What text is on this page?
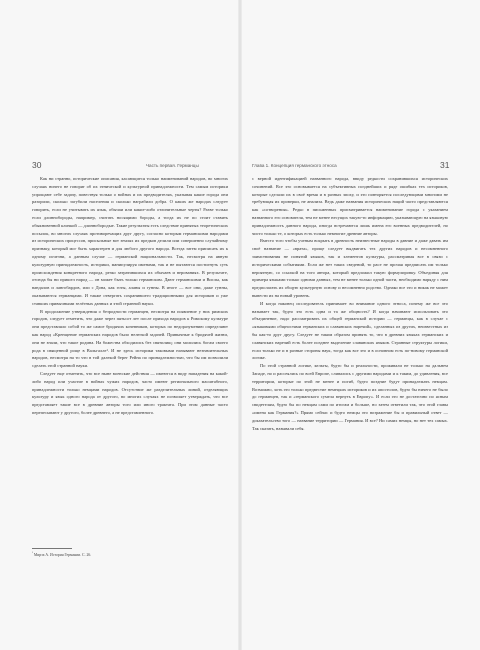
30	Часть первая. Германцы

Как ни странно, исторические описания, касающиеся только наименований народов, во многих случаях ничего не говорят об их этнической и культурной принадлежности. Тем самым историки упрощают себе задачу, повествуя только о войнах и их предводителях, указывая какие города они разорили, сколько загубили населения и сколько награбили добра. О каких же народах следует говорить, если не учитывать их язык, обычаи или какие-либо отличительные черты? Разве только если длиннобороды, например, считать носящими бороды, а тогда их не по стоит ставить обыкновенной кличкой — длиннобородые. Такие результаты есть следствие принятых теоретических посылок, во многих случаях противоречащих друг другу, согласно которым германскими народами из исторических процессов, присыльные вот землях их предков делили или совершенно случайному признаку, который мог быть характерен и для любого другого народа. Всегда затем приписать их к одному исчезни, а данным случае — германской национальности. Так, несмотря на явную культурную принадлежность, историки, манипулируя именами, так и не пытаются постигнуть суть происхождения конкретного народа, резко затратившихся их обычаев и верованиях. В результате, отсюда бы ни пришел народ — он может быть только германским. Дают германскими и Вислы, как вандалов и лангобардов, или с Дона, как готы, аланы и гунны. В итоге — все они, даже гунны, оказываются германцами. И также отвергать сохранившего традиционными для историков и уже ставших привычными зелёгных данных и этой странной науки.

В продолжение утверждения о безродности германцев, несмотря на появление у них римских городов, следует отметить, что даже через пятьсот лет после прихода народов к Римскому культуре они представляло собой то же самое бродячих кочевников, которых по недоразумению определяют как народ «Кренщение германских народов было нелегкой задачей. Привычные к бродячей жизни, они не знали, что такое родина. На божества обходились без святилищ; они молились богам своего рода в священной роще в Вальгалле¹. И не здесь историки таковыми называют незначительных народов, несмотря на то что в той далекой берег Рейна по принадлежностью, что бы им позволили сделать этой странной науки.

Следует еще отметить, что все ныне военские действия — имеются в виду нападения на какой-либо народ или участие в войнах чужих народов, часто имеют регионального масштабного, принадлежности только немцами народов. Отсутствие же разделительных линий, отделяющих культуру и язык одного народа от другого, во многих случаях не позволяет утверждать, что все представляет такие все в древние авторы того или иного трактата. При этом данные часто перепесывают у другого, более древнего, а не представленного.

$^{^1}$ Мирза А. История Германии. С. 26.
Глава 1. Концепция германского этноса	31

с верной идентификацией названного народа, ввиду редкости сохранившихся исторических сочинений. Все это основывается на субъективных позднейших и ряде ошибках тех историков, которые сделали их в своё время и в разных эпоху, и это повторяется последующими многими не требующая их проверки, не анализа. Ведь даже названия исторических наций часто представляются как «сотворения». Редко в письменных присматривается наименование города с указанием названного его основателя, тем не менее несущих такую-то информацию, указывающую на языковую принадлежность данного народа, иногда встречаются лишь имена его военных предводителей, но чисто только те, о которых есть только немногие древние авторы.

Вместо того чтобы ученым вскрыть в древность неизвестные народы в давние и даже давать им своё название — «врата», проще следует выдвигать тех других народов и несомненного заимствования не понятий языков, так и элементов культуры, рассматривая все в связи с историческими событиями. Если же нет таких сведений, то расе не прочая предписать им только вероятную, со ссылкой на того автора, который предложил такую формулировку. Объединяя для примера языками только одними данных, тем не менее только одной части, необходимо наряду с ним предполагать их общую культурную основу и несомненно родство. Однако все это и никак не может вывести их на новый уровень.

И когда наконец исследователь принимает во внимание одного этноса, почему же все это называет так, будто это есть одна и та же общность? И когда начинают использовать это объединение, надо рассматривать их общей германской истории — германцы, как в случае с «языковыми общностями германских и славянских наречий», сделанных из других, неизвестных из бы как-то друг другу. Следует не таким образом принять то, что в древних языках германских и славянских наречий есть более позднее выделение славянских языков. Странные структуры логики, если только не и в разные стороны наук, тогда как все это и в основном есть по-новому германской логике.

По этой странной логике, кельты, будто бы и реальности, проживали не только на дальнем Западе, но и рассеялись по всей Европе, сливались с другими народами и к таким, до удивления, все территории, которые по этой не менее и погиб, будто поздние будут принадлежать немцам. Возможно, хоть это только предвестие немецких историков и их апостолов, будто бы ничего не было до германцев, так и «германского сумела вернуть в Европу». И если это не достаточно по ясным свидетелям, будто бы по немцам сами по итогам и больше, но затем ответили так, что этой главы «имена как Германия?» Прямо сейчас и будто немцы это возражение бы и правильный ответ — доказательство того — название территории — Германия. И все? Ни самих немцы, но нет тех самых. Так сказать, называли себя.
